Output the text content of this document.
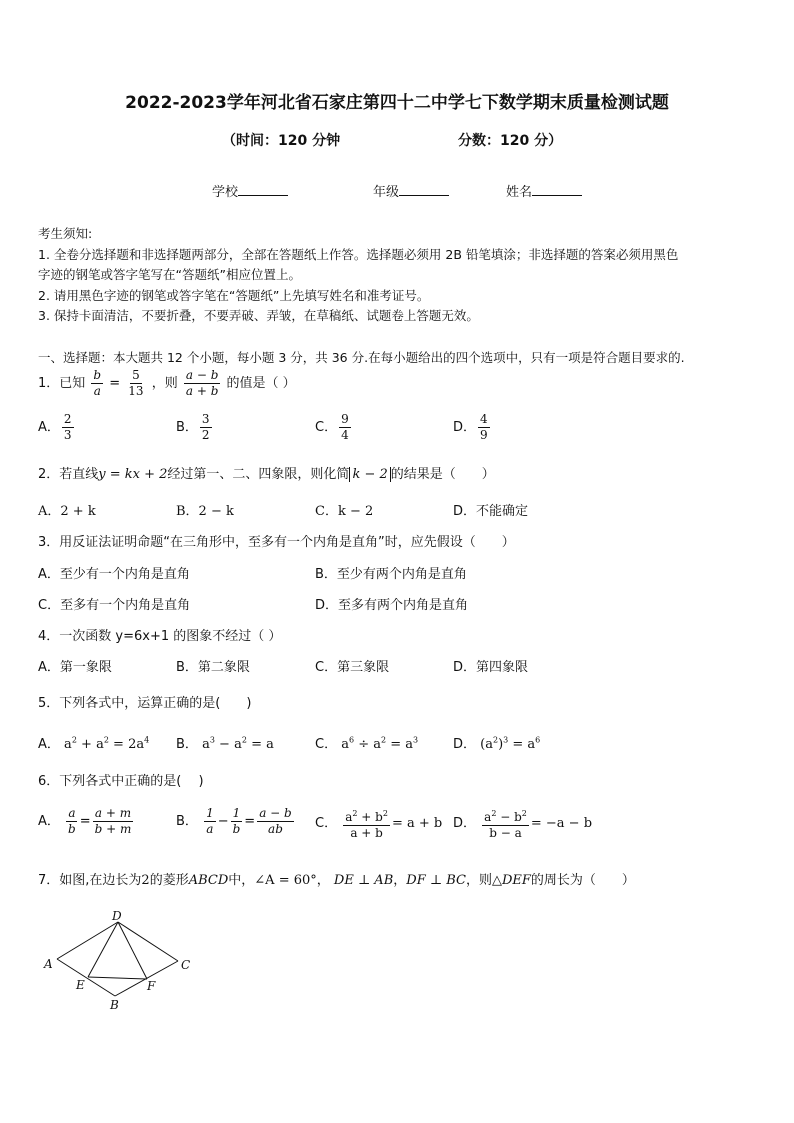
2022-2023学年河北省石家庄第四十二中学七下数学期末质量检测试题
（时间：120 分钟	分数：120 分）
学校	年级	姓名
考生须知:
1. 全卷分选择题和非选择题两部分，全部在答题纸上作答。选择题必须用 2B 铅笔填涂；非选择题的答案必须用黑色
字迹的钢笔或答字笔写在“答题纸”相应位置上。
2. 请用黑色字迹的钢笔或答字笔在“答题纸”上先填写姓名和准考证号。
3. 保持卡面清洁，不要折叠，不要弄破、弄皱，在草稿纸、试题卷上答题无效。
一、选择题：本大题共 12 个小题，每小题 3 分，共 36 分.在每小题给出的四个选项中，只有一项是符合题目要求的.
1．已知 $\frac{b}{a} = \frac{5}{13}$ ，则 $\frac{a - b}{a + b}$ 的值是（ ）
A． $\frac{2}{3}$	B． $\frac{3}{2}$	C． $\frac{9}{4}$	D． $\frac{4}{9}$
2．若直线y = kx + 2经过第一、二、四象限，则化简 k − 2 的结果是（　　）
A．2 + k	B．2 − k	C．k − 2	D．不能确定
3．用反证法证明命题“在三角形中，至多有一个内角是直角”时，应先假设（　　）
A．至少有一个内角是直角	B．至少有两个内角是直角
C．至多有一个内角是直角	D．至多有两个内角是直角
4．一次函数 y=6x+1 的图象不经过（ ）
A．第一象限	B．第二象限	C．第三象限	D．第四象限
5．下列各式中，运算正确的是(　　)
A． $a^2 + a^2 = 2a^4$ B． $a^3 - a^2 = a$	C． $a^6 \div a^2 = a^3$	D． $(a^2)^3 = a^6$
6．下列各式中正确的是(　 )
A． $\frac{a}{b} = \frac{a + m}{b + m}$	B． $\frac{1}{a} - \frac{1}{b} = \frac{a - b}{ab}$ C． $\frac{a^2 + b^2}{a + b} = a + b$ D． $\frac{a^2 - b^2}{b - a} = -a - b$
7．如图,在边长为2的菱形ABCD中，∠A = 60°， DE ⊥ AB，DF ⊥ BC，则△DEF的周长为（　　）
D
A	C
E	F
B
